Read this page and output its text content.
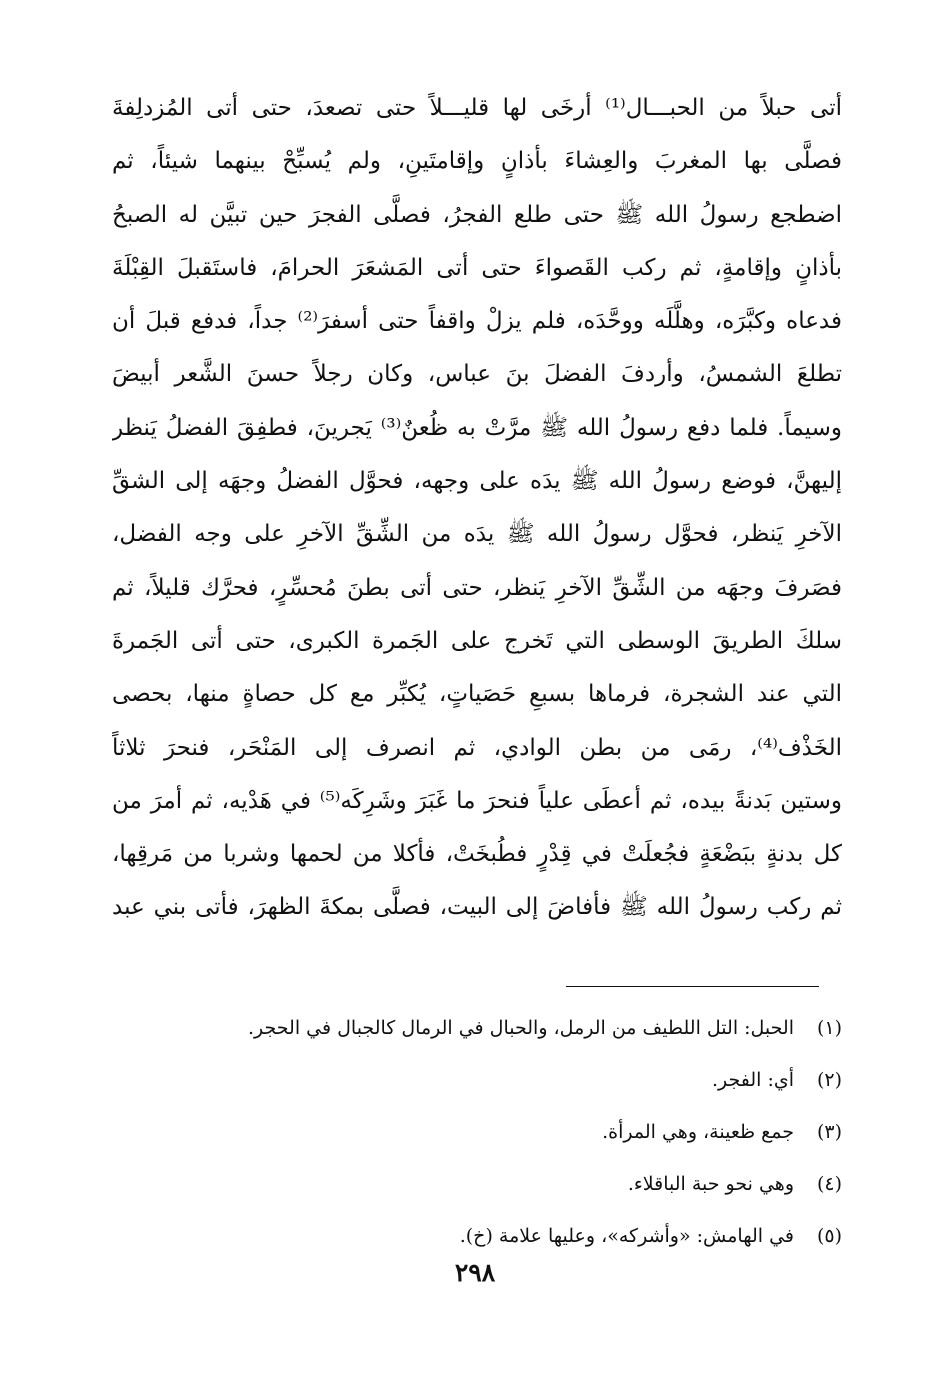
أتى حبلاً من الحبـــال⁽¹⁾ أرخَى لها قليـــلاً حتى تصعدَ، حتى أتى المُزدلِفةَ
فصلَّى بها المغربَ والعِشاءَ بأذانٍ وإقامتَينِ، ولم يُسبِّحْ بينهما شيئاً، ثم
اضطجع رسولُ الله ﷺ حتى طلع الفجرُ، فصلَّى الفجرَ حين تبيَّن له الصبحُ
بأذانٍ وإقامةٍ، ثم ركب القَصواءَ حتى أتى المَشعَرَ الحرامَ، فاستَقبلَ القِبْلَةَ
فدعاه وكبَّرَه، وهلَّلَه ووحَّدَه، فلم يزلْ واقفاً حتى أسفرَ⁽²⁾ جداً، فدفع قبلَ أن
تطلعَ الشمسُ، وأردفَ الفضلَ بنَ عباس، وكان رجلاً حسنَ الشَّعر أبيضَ
وسيماً. فلما دفع رسولُ الله ﷺ مرَّتْ به ظُعنٌ⁽³⁾ يَجرينَ، فطفِقَ الفضلُ يَنظر
إليهنَّ، فوضع رسولُ الله ﷺ يدَه على وجهه، فحوَّل الفضلُ وجهَه إلى الشقِّ
الآخرِ يَنظر، فحوَّل رسولُ الله ﷺ يدَه من الشِّقِّ الآخرِ على وجه الفضل،
فصَرفَ وجهَه من الشِّقِّ الآخرِ يَنظر، حتى أتى بطنَ مُحسِّرٍ، فحرَّك قليلاً، ثم
سلكَ الطريقَ الوسطى التي تَخرج على الجَمرة الكبرى، حتى أتى الجَمرةَ
التي عند الشجرة، فرماها بسبعِ حَصَياتٍ، يُكبِّر مع كل حصاةٍ منها، بحصى
الخَذْف⁽⁴⁾، رمَى من بطن الوادي، ثم انصرف إلى المَنْحَر، فنحرَ ثلاثاً
وستين بَدنةً بيده، ثم أعطَى علياً فنحرَ ما غَبَرَ وشَرِكَه⁽⁵⁾ في هَدْيه، ثم أمرَ من
كل بدنةٍ ببَضْعَةٍ فجُعلَتْ في قِدْرٍ فطُبخَتْ، فأكلا من لحمها وشربا من مَرقِها،
ثم ركب رسولُ الله ﷺ فأفاضَ إلى البيت، فصلَّى بمكةَ الظهرَ، فأتى بني عبد
(١)
الحبل: التل اللطيف من الرمل، والحبال في الرمال كالجبال في الحجر.
(٢)
أي: الفجر.
(٣)
جمع ظعينة، وهي المرأة.
(٤)
وهي نحو حبة الباقلاء.
(٥)
في الهامش: «وأشركه»، وعليها علامة (خ).
٢٩٨
